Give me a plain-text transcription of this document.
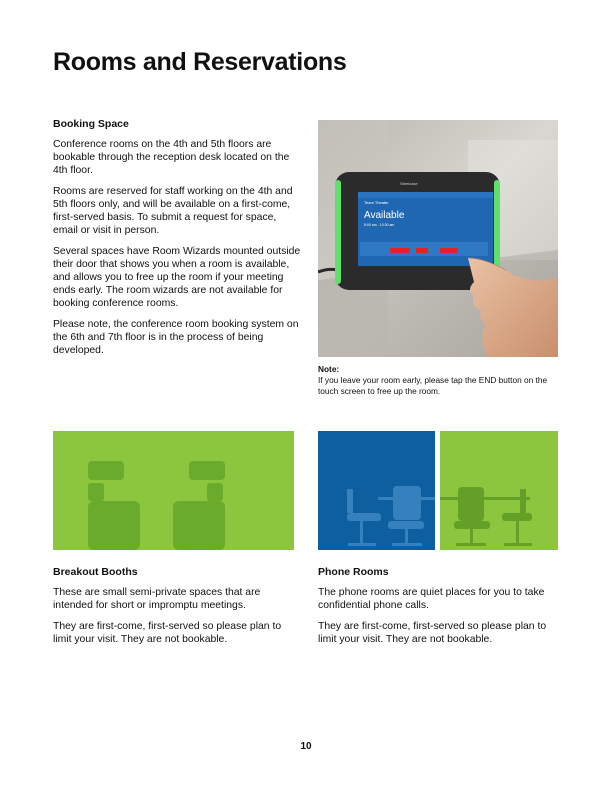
Rooms and Reservations
Booking Space

Conference rooms on the 4th and 5th floors are bookable through the reception desk located on the 4th floor.

Rooms are reserved for staff working on the 4th and 5th floors only, and will be available on a first-come, first-served basis. To submit a request for space, email or visit in person.

Several spaces have Room Wizards mounted outside their door that shows you when a room is available, and allows you to free up the room if your meeting ends early. The room wizards are not available for booking conference rooms.

Please note, the conference room booking system on the 6th and 7th floor is in the process of being developed.

Team Theater
Available
8:00 am - 10:30 am
Steelcase
Note:
If you leave your room early, please tap the END button on the touch screen to free up the room.
Breakout Booths

These are small semi-private spaces that are intended for short or impromptu meetings.

They are first-come, first-served so please plan to limit your visit. They are not bookable.

Phone Rooms

The phone rooms are quiet places for you to take confidential phone calls.

They are first-come, first-served so please plan to limit your visit. They are not bookable.

10
